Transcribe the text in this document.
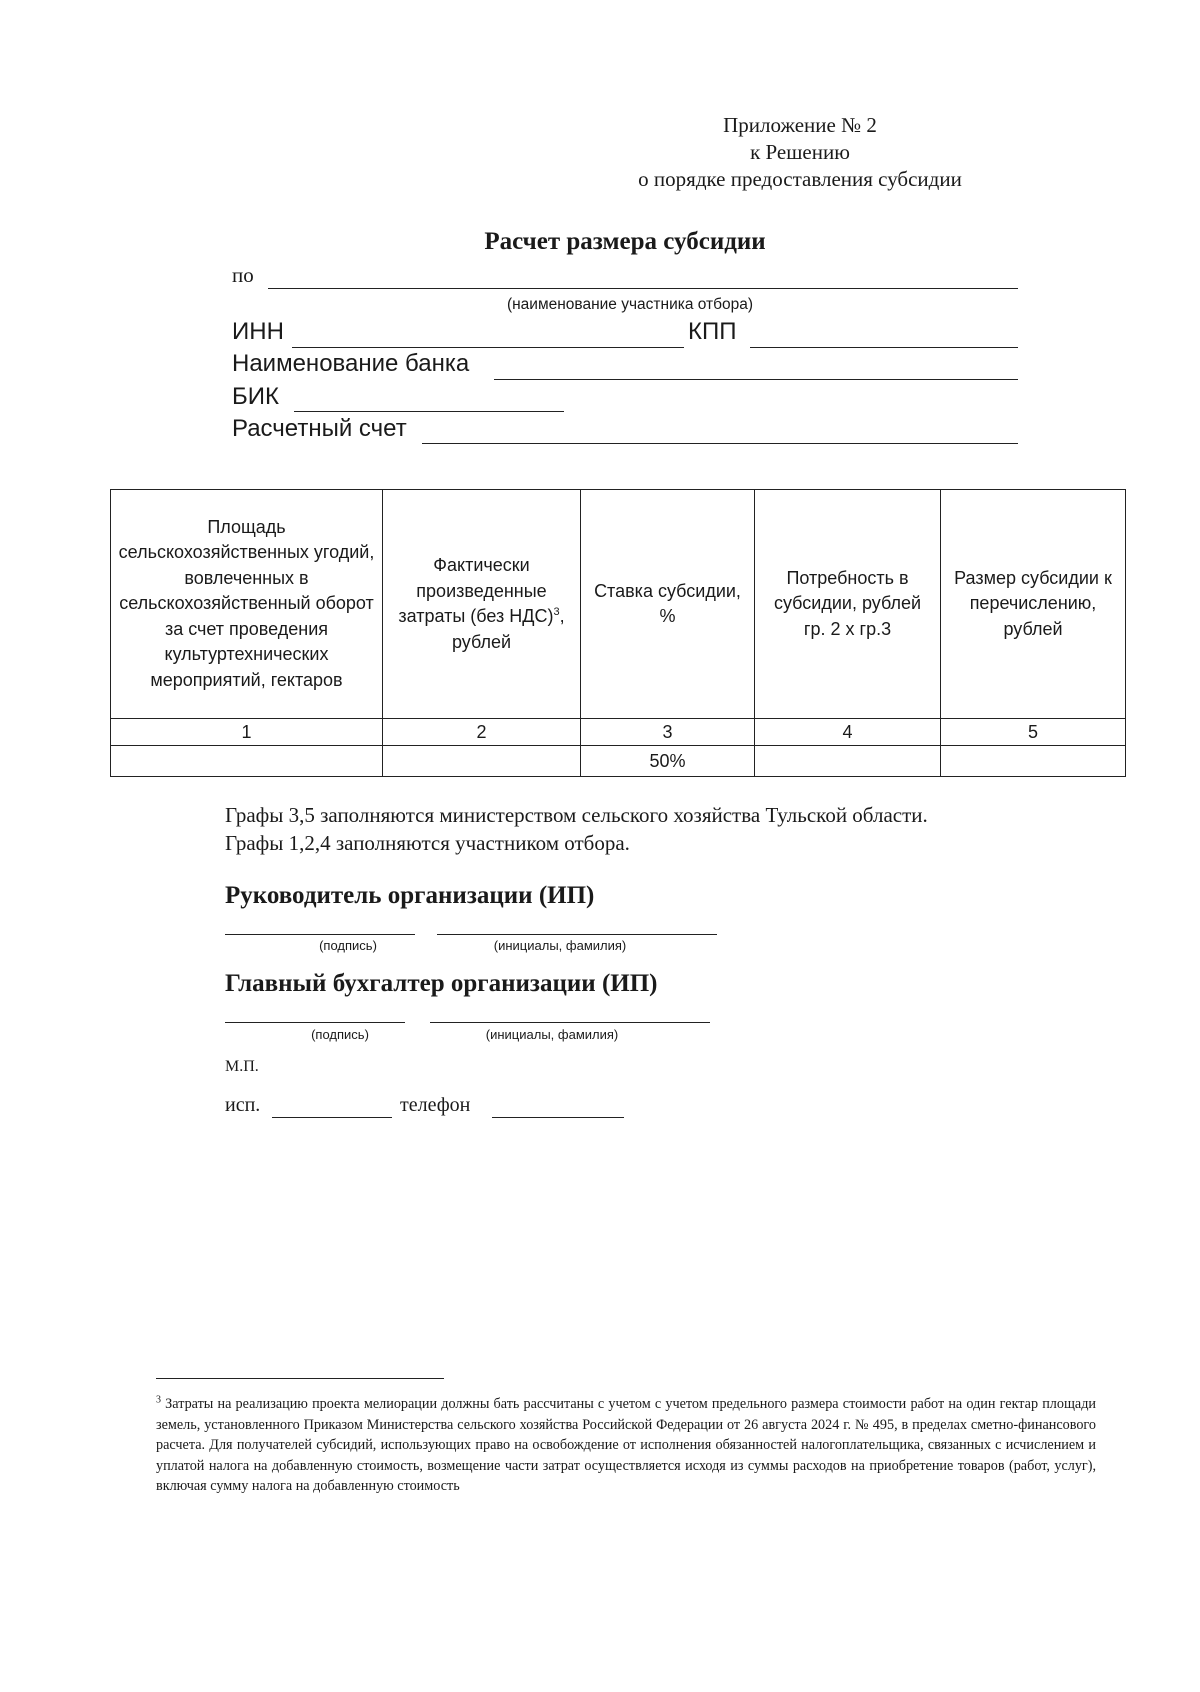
Приложение № 2
к Решению
о порядке предоставления субсидии
Расчет размера субсидии
по
(наименование участника отбора)
ИНН	КПП
Наименование банка
БИК
Расчетный счет
Площадь сельскохозяйственных угодий, вовлеченных в сельскохозяйственный оборот за счет проведения культуртехнических мероприятий, гектаров	Фактически произведенные затраты (без НДС)$^3$, рублей	Ставка субсидии, %	Потребность в субсидии, рублей гр. 2 х гр.3	Размер субсидии к перечислению, рублей
1	2	3	4	5
		50%		
Графы 3,5 заполняются министерством сельского хозяйства Тульской области.
Графы 1,2,4 заполняются участником отбора.
Руководитель организации (ИП)
(подпись)	(инициалы, фамилия)
Главный бухгалтер организации (ИП)
(подпись)	(инициалы, фамилия)
М.П.
исп.	телефон
$^3$ Затраты на реализацию проекта мелиорации должны бать рассчитаны с учетом с учетом предельного размера стоимости работ на один гектар площади земель, установленного Приказом Министерства сельского хозяйства Российской Федерации от 26 августа 2024 г. № 495, в пределах сметно-финансового расчета. Для получателей субсидий, использующих право на освобождение от исполнения обязанностей налогоплательщика, связанных с исчислением и уплатой налога на добавленную стоимость, возмещение части затрат осуществляется исходя из суммы расходов на приобретение товаров (работ, услуг), включая сумму налога на добавленную стоимость
